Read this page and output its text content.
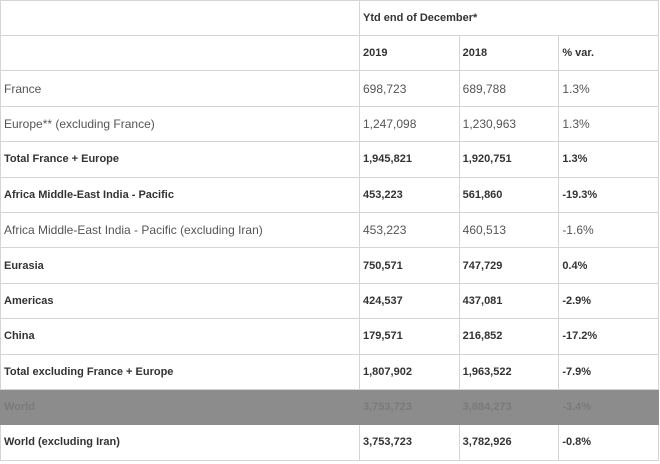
	Ytd end of December*		
	2019	2018	% var.
France	698,723	689,788	1.3%
Europe** (excluding France)	1,247,098	1,230,963	1.3%
Total France + Europe	1,945,821	1,920,751	1.3%
Africa Middle-East India - Pacific	453,223	561,860	-19.3%
Africa Middle-East India - Pacific (excluding Iran)	453,223	460,513	-1.6%
Eurasia	750,571	747,729	0.4%
Americas	424,537	437,081	-2.9%
China	179,571	216,852	-17.2%
Total excluding France + Europe	1,807,902	1,963,522	-7.9%
World	3,753,723	3,884,273	-3.4%
World (excluding Iran)	3,753,723	3,782,926	-0.8%
